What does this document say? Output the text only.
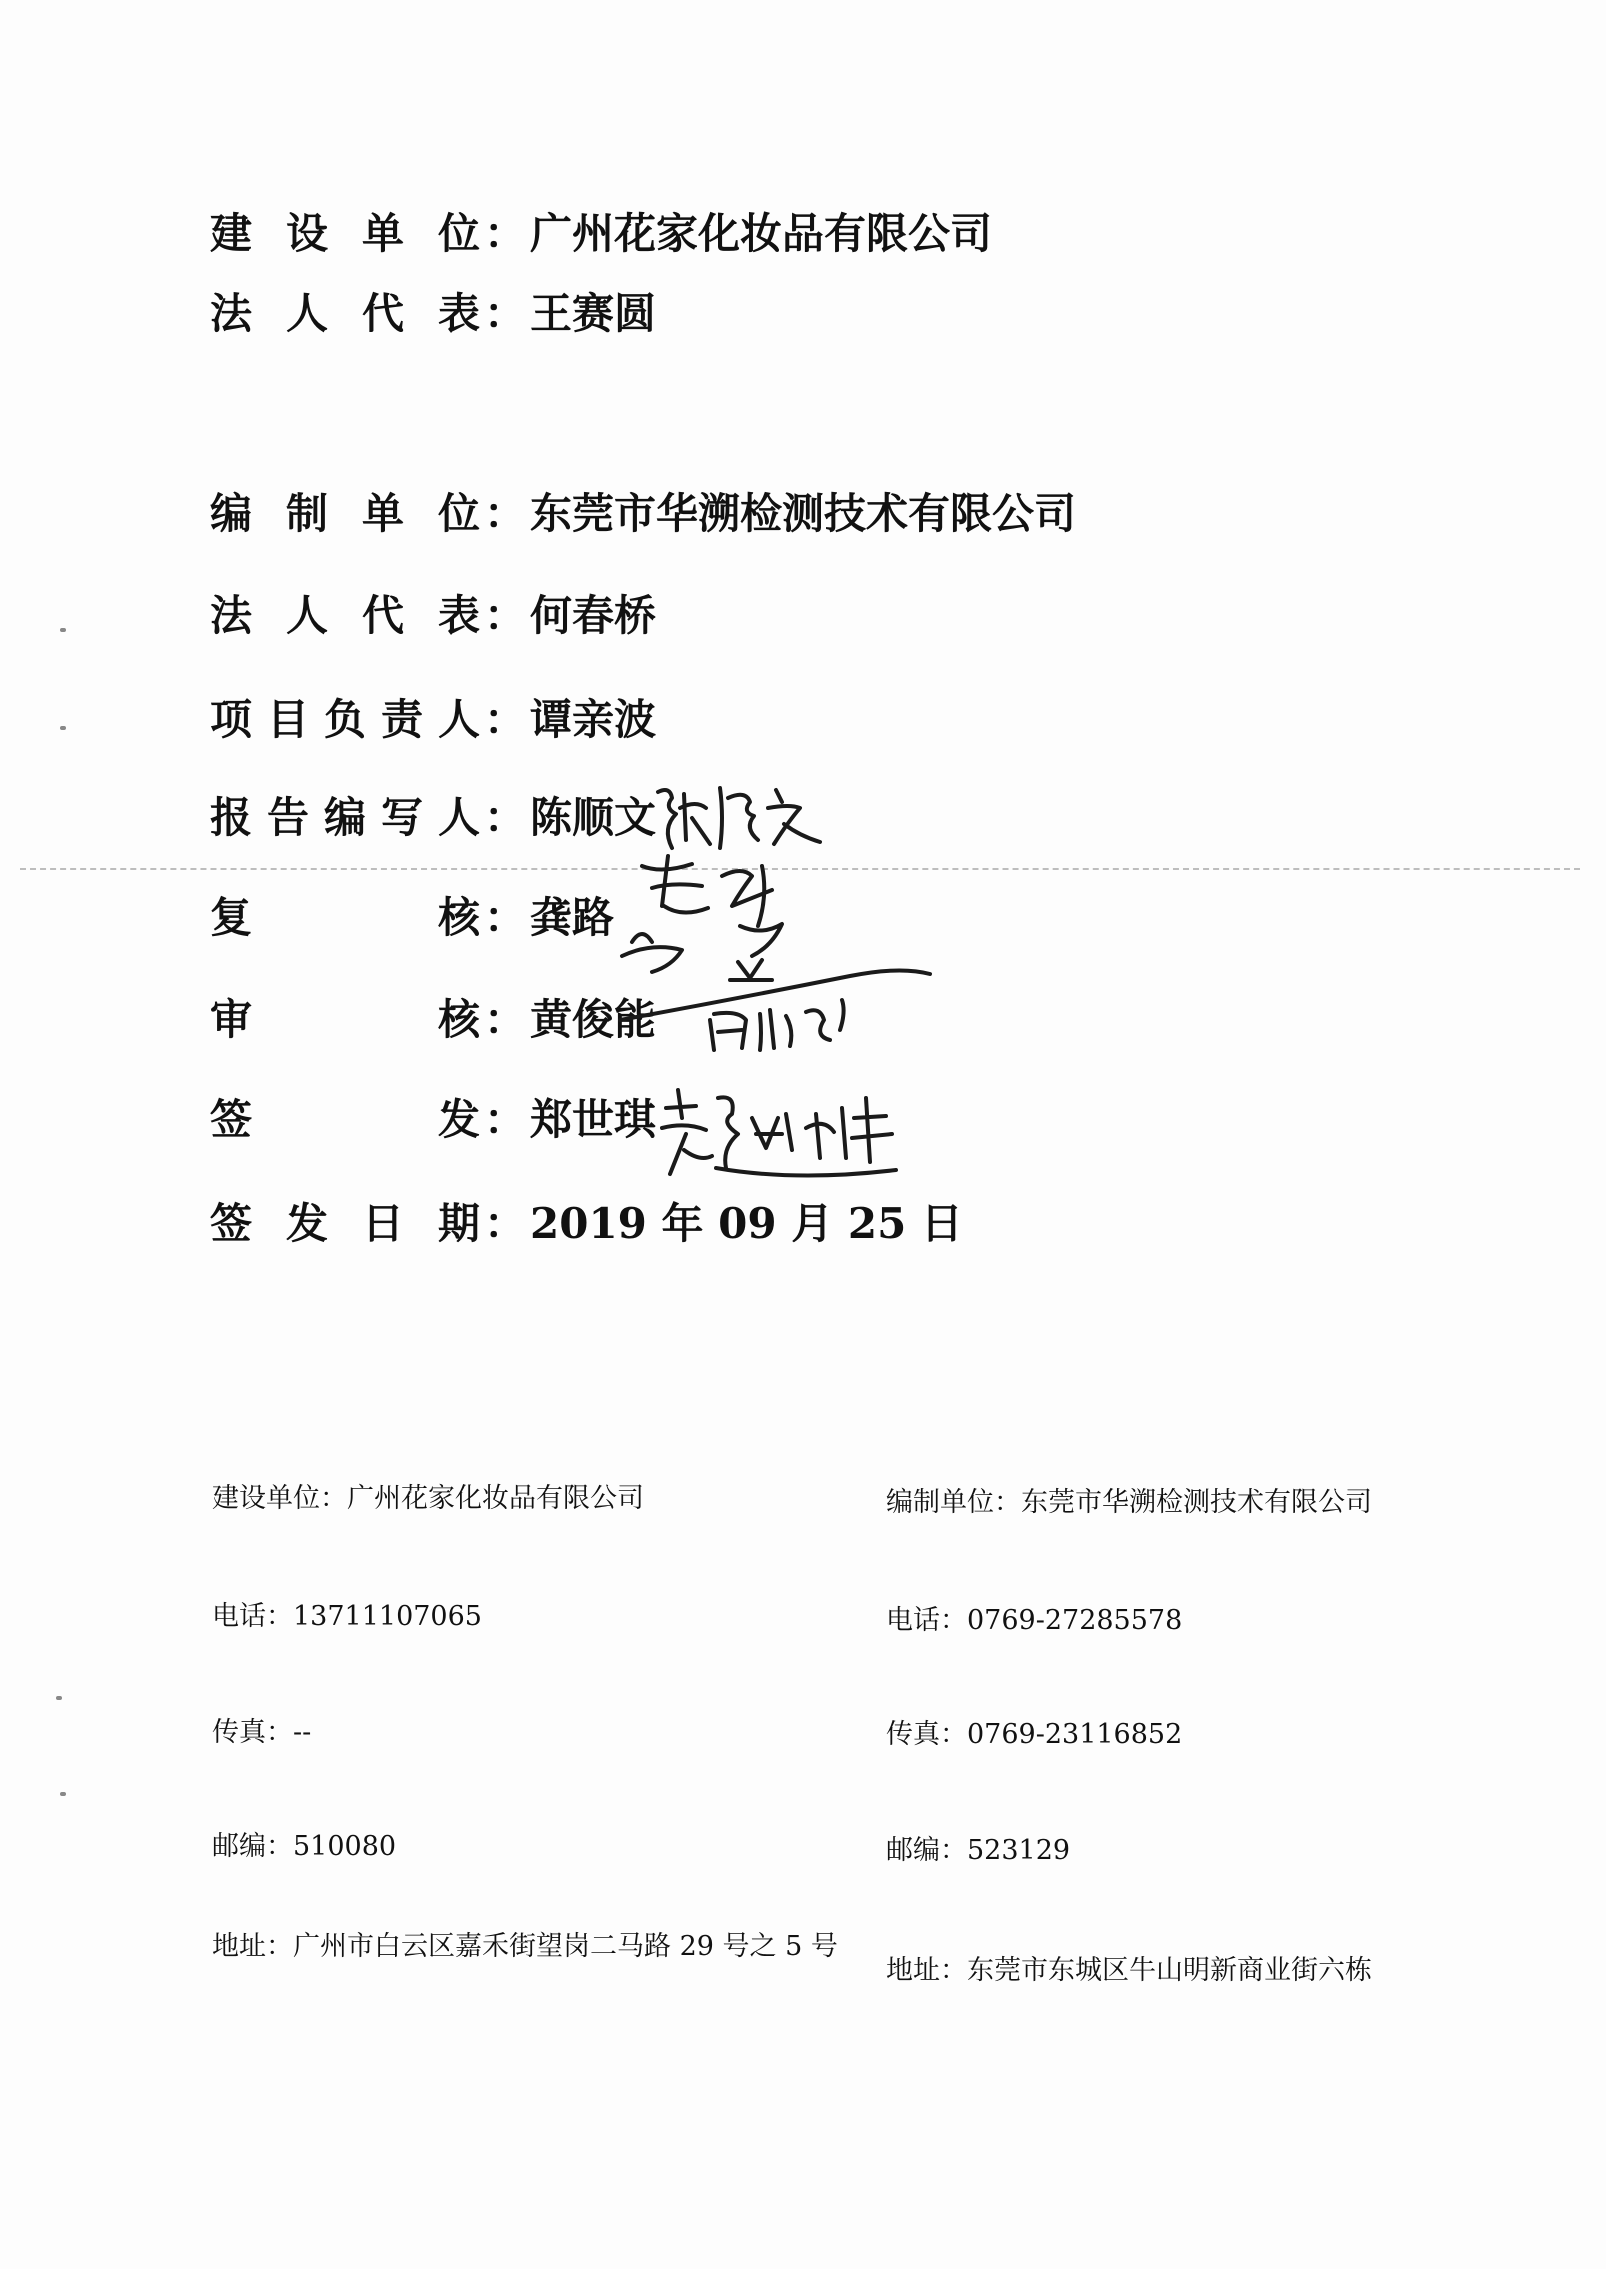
建 设 单 位 ： 广州花家化妆品有限公司
法 人 代 表 ： 王赛圆
编 制 单 位 ： 东莞市华溯检测技术有限公司
法 人 代 表 ： 何春桥
项 目 负 责 人 ： 谭亲波
报 告 编 写 人 ： 陈顺文
复	核 ： 龚路
审	核 ： 黄俊能
签	发 ： 郑世琪
签 发 日 期 ： 2019 年 09 月 25 日
建设单位：广州花家化妆品有限公司
电话：13711107065
传真：--
邮编：510080
地址： 广州市白云区嘉禾街望岗二马路 29 号之 5 号
编制单位：东莞市华溯检测技术有限公司
电话：0769-27285578
传真：0769-23116852
邮编：523129
地址： 东莞市东城区牛山明新商业街六栋
